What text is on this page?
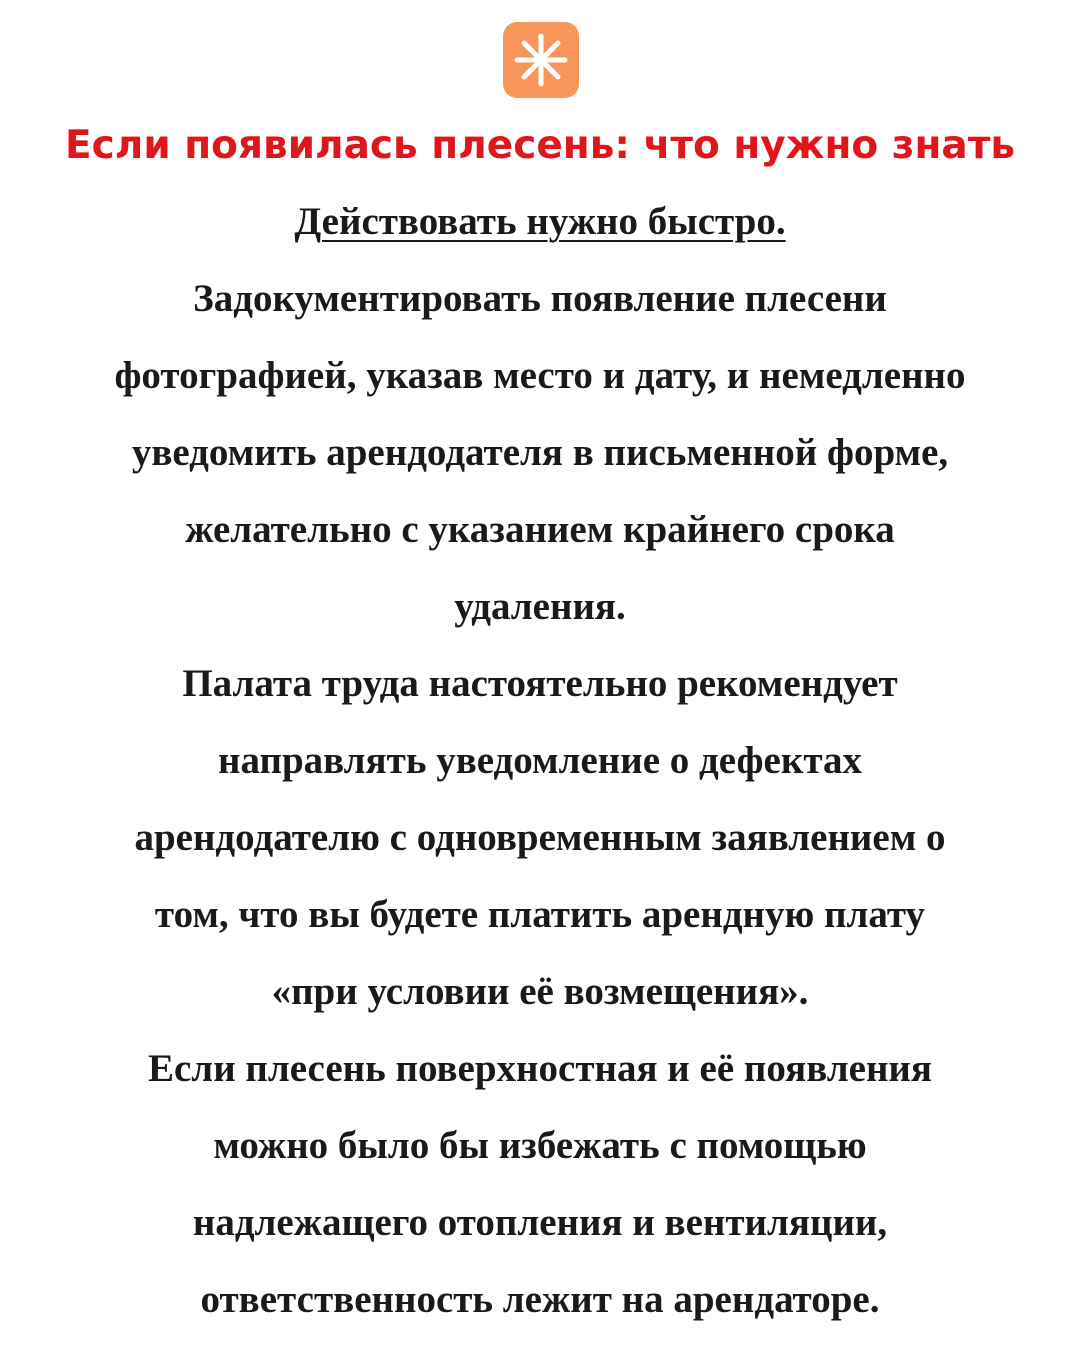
Если появилась плесень: что нужно знать
Действовать нужно быстро.
Задокументировать появление плесени
фотографией, указав место и дату, и немедленно
уведомить арендодателя в письменной форме,
желательно с указанием крайнего срока
удаления.
Палата труда настоятельно рекомендует
направлять уведомление о дефектах
арендодателю с одновременным заявлением о
том, что вы будете платить арендную плату
«при условии её возмещения».
Если плесень поверхностная и её появления
можно было бы избежать с помощью
надлежащего отопления и вентиляции,
ответственность лежит на арендаторе.
